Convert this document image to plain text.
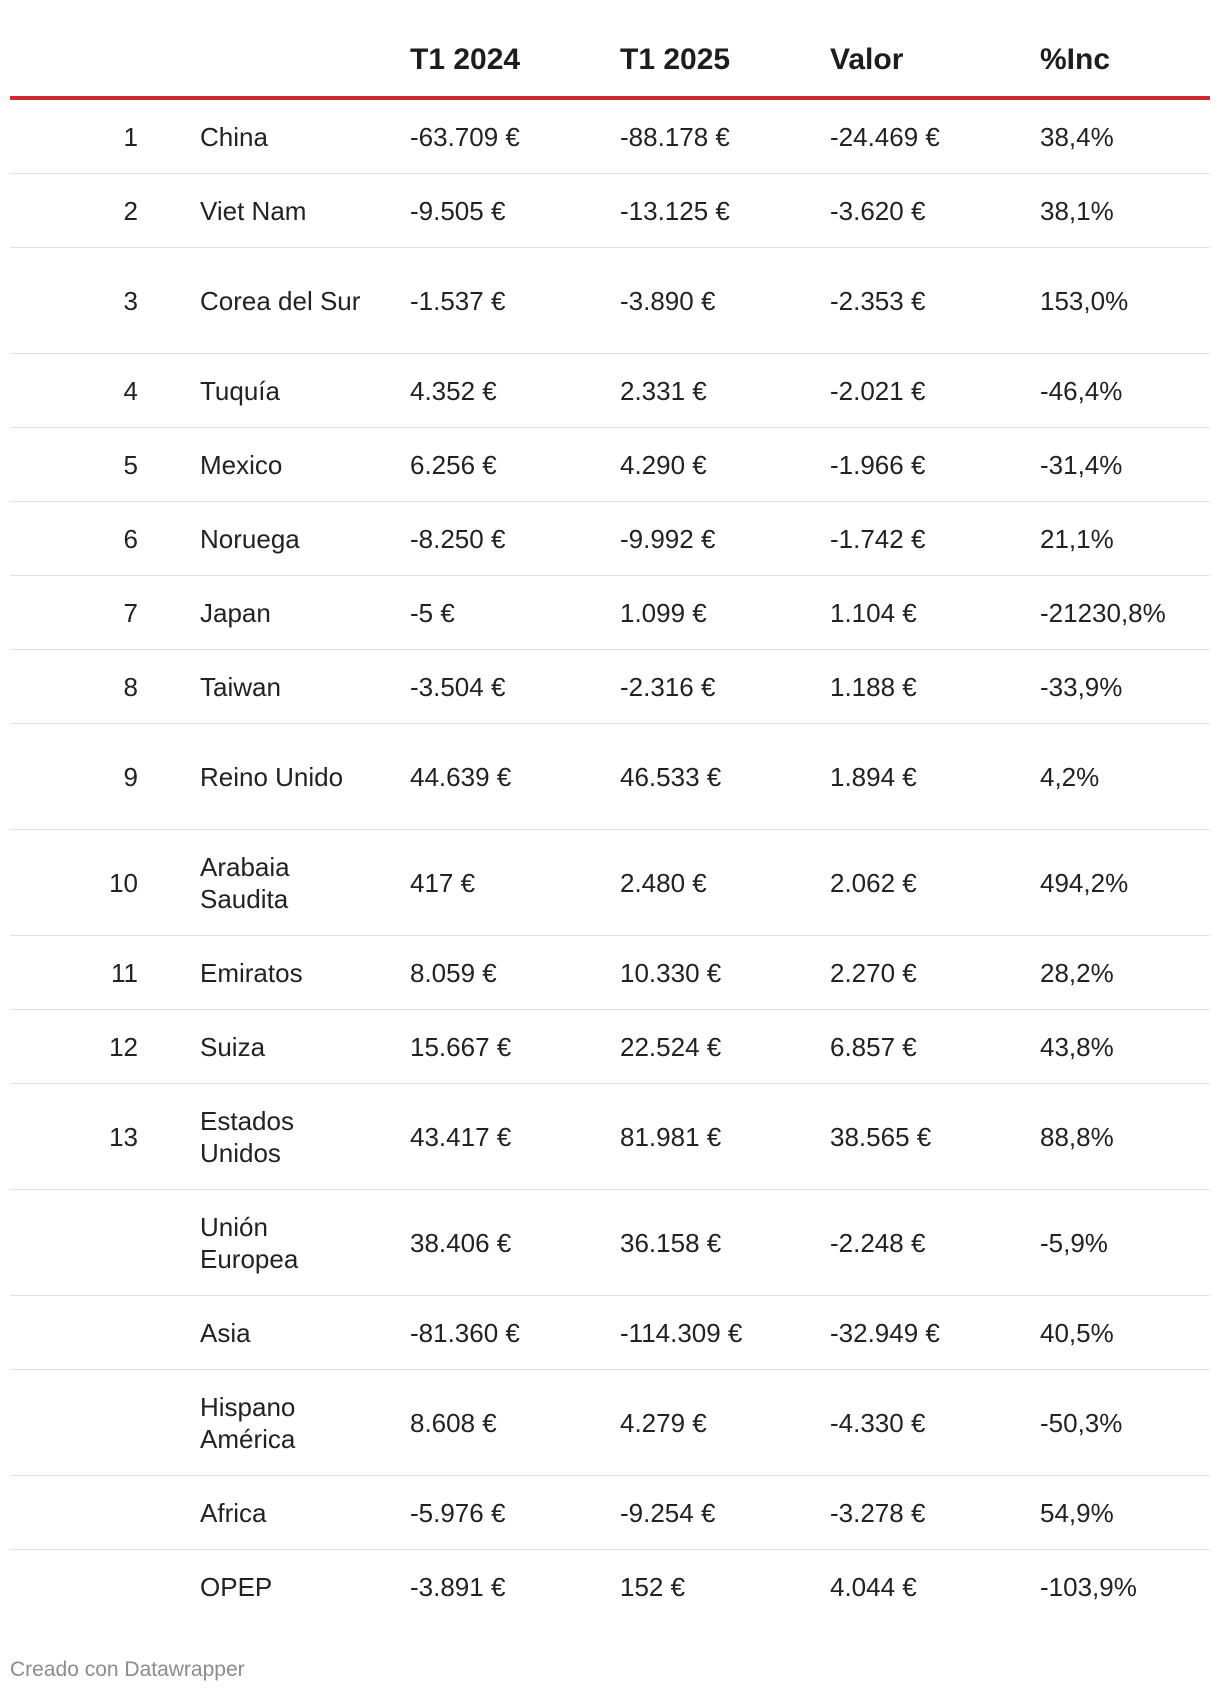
		T1 2024	T1 2025	Valor	%Inc
1	China	-63.709 €	-88.178 €	-24.469 €	38,4%
2	Viet Nam	-9.505 €	-13.125 €	-3.620 €	38,1%
3	Corea del Sur	-1.537 €	-3.890 €	-2.353 €	153,0%
4	Tuquía	4.352 €	2.331 €	-2.021 €	-46,4%
5	Mexico	6.256 €	4.290 €	-1.966 €	-31,4%
6	Noruega	-8.250 €	-9.992 €	-1.742 €	21,1%
7	Japan	-5 €	1.099 €	1.104 €	-21230,8%
8	Taiwan	-3.504 €	-2.316 €	1.188 €	-33,9%
9	Reino Unido	44.639 €	46.533 €	1.894 €	4,2%
10	Arabaia Saudita	417 €	2.480 €	2.062 €	494,2%
11	Emiratos	8.059 €	10.330 €	2.270 €	28,2%
12	Suiza	15.667 €	22.524 €	6.857 €	43,8%
13	Estados Unidos	43.417 €	81.981 €	38.565 €	88,8%
	Unión Europea	38.406 €	36.158 €	-2.248 €	-5,9%
	Asia	-81.360 €	-114.309 €	-32.949 €	40,5%
	Hispano América	8.608 €	4.279 €	-4.330 €	-50,3%
	Africa	-5.976 €	-9.254 €	-3.278 €	54,9%
	OPEP	-3.891 €	152 €	4.044 €	-103,9%
Creado con Datawrapper
